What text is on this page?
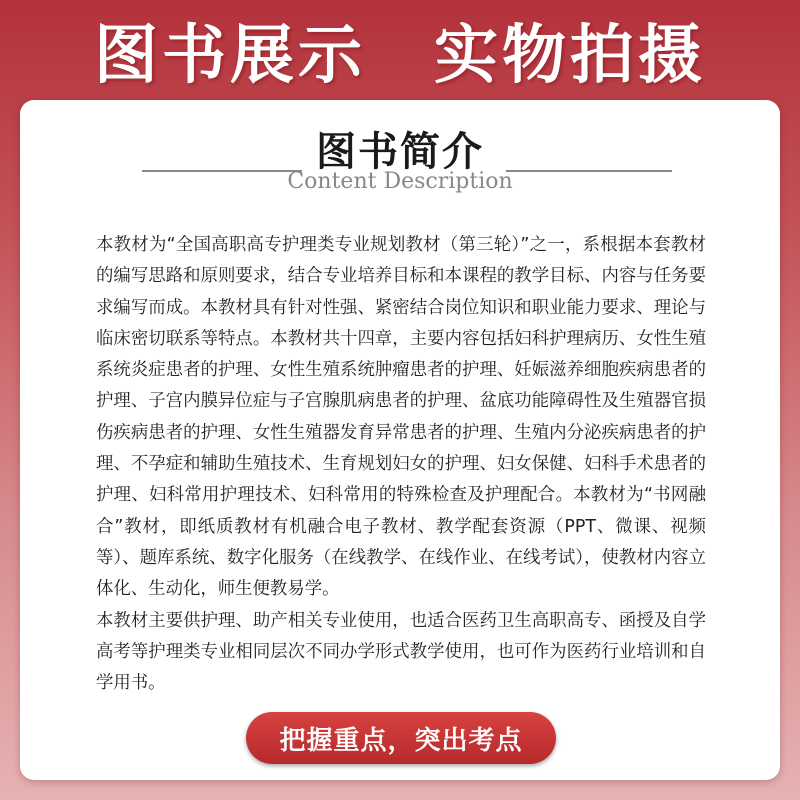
图书展示　实物拍摄
图书简介
Content Description

本教材为“全国高职高专护理类专业规划教材（第三轮）”之一，系根据本套教材的编写思路和原则要求，结合专业培养目标和本课程的教学目标、内容与任务要求编写而成。本教材具有针对性强、紧密结合岗位知识和职业能力要求、理论与临床密切联系等特点。本教材共十四章，主要内容包括妇科护理病历、女性生殖系统炎症患者的护理、女性生殖系统肿瘤患者的护理、妊娠滋养细胞疾病患者的护理、子宫内膜异位症与子宫腺肌病患者的护理、盆底功能障碍性及生殖器官损伤疾病患者的护理、女性生殖器发育异常患者的护理、生殖内分泌疾病患者的护理、不孕症和辅助生殖技术、生育规划妇女的护理、妇女保健、妇科手术患者的护理、妇科常用护理技术、妇科常用的特殊检查及护理配合。本教材为“书网融合”教材，即纸质教材有机融合电子教材、教学配套资源（PPT、微课、视频等）、题库系统、数字化服务（在线教学、在线作业、在线考试），使教材内容立体化、生动化，师生便教易学。

本教材主要供护理、助产相关专业使用，也适合医药卫生高职高专、函授及自学高考等护理类专业相同层次不同办学形式教学使用，也可作为医药行业培训和自学用书。

把握重点，突出考点
